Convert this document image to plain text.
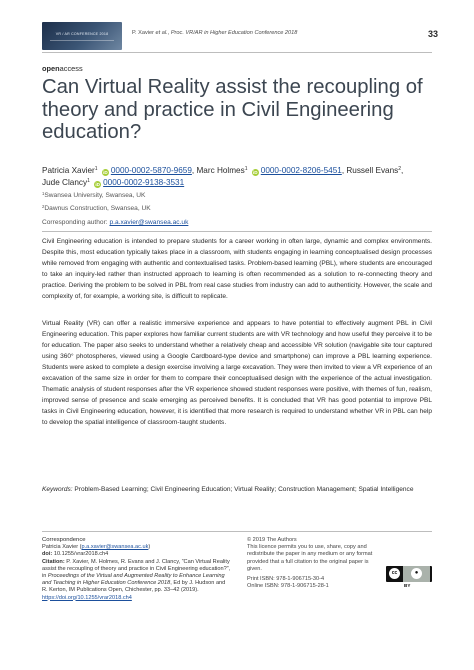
VR / AR CONFERENCE 2018	P. Xavier et al., Proc. VR/AR in Higher Education Conference 2018	33
openaccess
Can Virtual Reality assist the recoupling of theory and practice in Civil Engineering education?
Patricia Xavier$^1$ iD 0000-0002-5870-9659, Marc Holmes$^1$ iD 0000-0002-8206-5451, Russell Evans$^2$,
Jude Clancy$^1$ iD 0000-0002-9138-3531
$^1$Swansea University, Swansea, UK
$^2$Dawnus Construction, Swansea, UK
Corresponding author: p.a.xavier@swansea.ac.uk

Civil Engineering education is intended to prepare students for a career working in often large, dynamic and complex environments. Despite this, most education typically takes place in a classroom, with students engaging in learning conceptualised design processes while removed from engaging with authentic and contextualised tasks. Problem-based learning (PBL), where students are encouraged to take an inquiry-led rather than instructed approach to learning is often recommended as a solution to re-connecting theory and practice. Deriving the problem to be solved in PBL from real case studies from industry can add to authenticity. However, the scale and complexity of, for example, a working site, is difficult to replicate.

Virtual Reality (VR) can offer a realistic immersive experience and appears to have potential to effectively augment PBL in Civil Engineering education. This paper explores how familiar current students are with VR technology and how useful they perceive it to be for education. The paper also seeks to understand whether a relatively cheap and accessible VR solution (navigable site tour captured using 360° photospheres, viewed using a Google Cardboard-type device and smartphone) can improve a PBL learning experience. Students were asked to complete a design exercise involving a large excavation. They were then invited to view a VR experience of an excavation of the same size in order for them to compare their conceptualised design with the experience of the actual investigation. Thematic analysis of student responses after the VR experience showed student responses were positive, with themes of fun, realism, improved sense of presence and scale emerging as perceived benefits. It is concluded that VR has good potential to improve PBL tasks in Civil Engineering education, however, it is identified that more research is required to understand whether VR in PBL can help to develop the spatial intelligence of classroom-taught students.

Keywords: Problem-Based Learning; Civil Engineering Education; Virtual Reality; Construction Management; Spatial Intelligence
Correspondence
Patricia Xavier (p.a.xavier@swansea.ac.uk)
doi: 10.1255/vrar2018.ch4
Citation: P. Xavier, M. Holmes, R. Evans and J. Clancy, “Can Virtual Reality assist the recoupling of theory and practice in Civil Engineering education?”, in Proceedings of the Virtual and Augmented Reality to Enhance Learning and Teaching in Higher Education Conference 2018, Ed by J. Hudson and R. Kerton, IM Publications Open, Chichester, pp. 33–42 (2019). https://doi.org/10.1255/vrar2018.ch4
© 2019 The Authors
This licence permits you to use, share, copy and redistribute the paper in any medium or any format provided that a full citation to the original paper is given.
Print ISBN: 978-1-906715-30-4
Online ISBN: 978-1-906715-28-1
cc	●
BY
